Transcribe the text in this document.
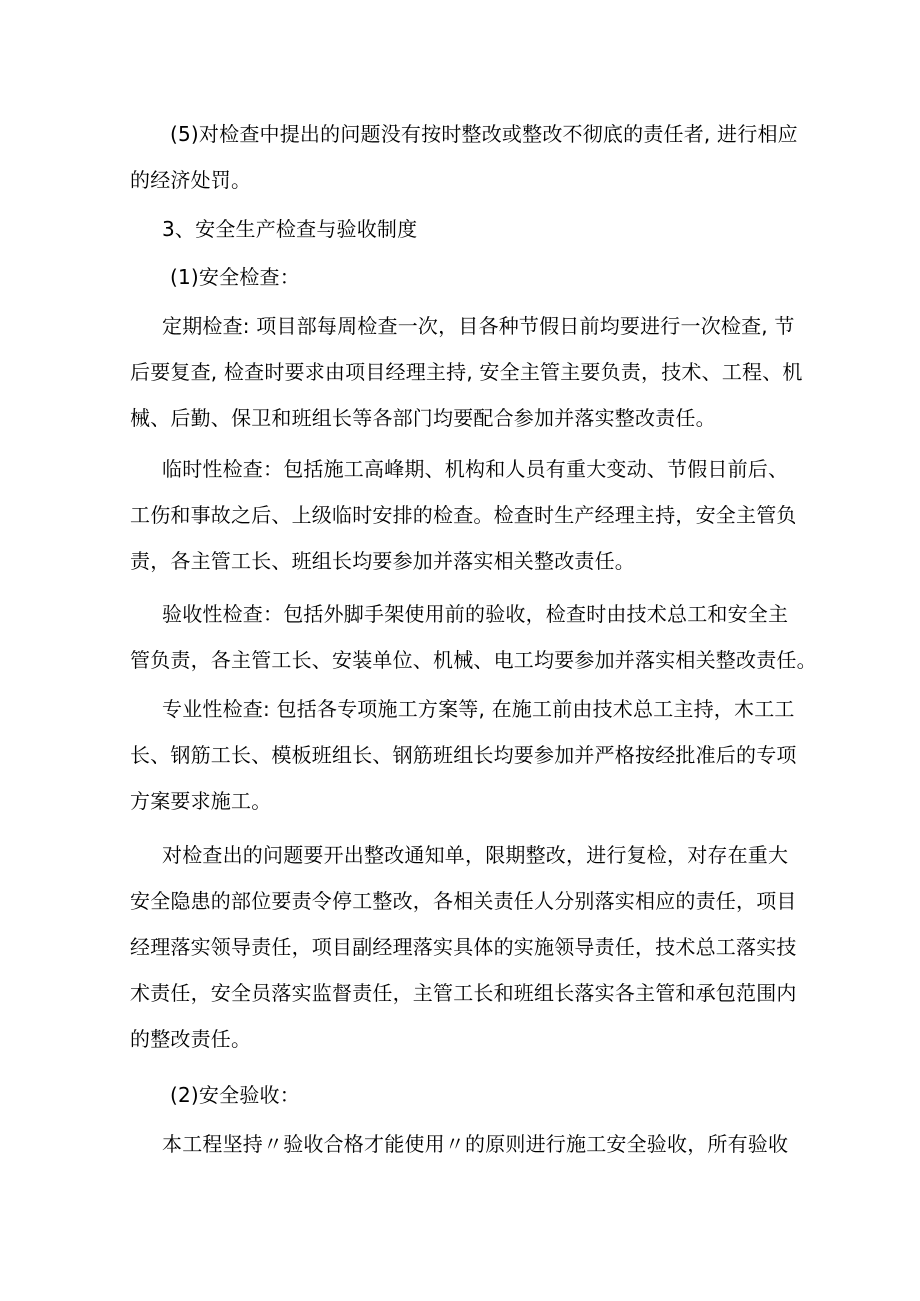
(5)对检查中提出的问题没有按时整改或整改不彻底的责任者, 进行相应
的经济处罚。
3、安全生产检查与验收制度
(1)安全检查：
定期检查: 项目部每周检查一次，目各种节假日前均要进行一次检查, 节
后要复查, 检查时要求由项目经理主持, 安全主管主要负责，技术、工程、机
械、后勤、保卫和班组长等各部门均要配合参加并落实整改责任。
临时性检查：包括施工高峰期、机构和人员有重大变动、节假日前后、
工伤和事故之后、上级临时安排的检查。检查时生产经理主持，安全主管负
责，各主管工长、班组长均要参加并落实相关整改责任。
验收性检查：包括外脚手架使用前的验收，检查时由技术总工和安全主
管负责，各主管工长、安装单位、机械、电工均要参加并落实相关整改责任。
专业性检查: 包括各专项施工方案等, 在施工前由技术总工主持，木工工
长、钢筋工长、模板班组长、钢筋班组长均要参加并严格按经批准后的专项
方案要求施工。
对检查出的问题要开出整改通知单，限期整改，进行复检，对存在重大
安全隐患的部位要责令停工整改，各相关责任人分别落实相应的责任，项目
经理落实领导责任，项目副经理落实具体的实施领导责任，技术总工落实技
术责任，安全员落实监督责任，主管工长和班组长落实各主管和承包范围内
的整改责任。
(2)安全验收：
本工程坚持〃验收合格才能使用〃的原则进行施工安全验收，所有验收
